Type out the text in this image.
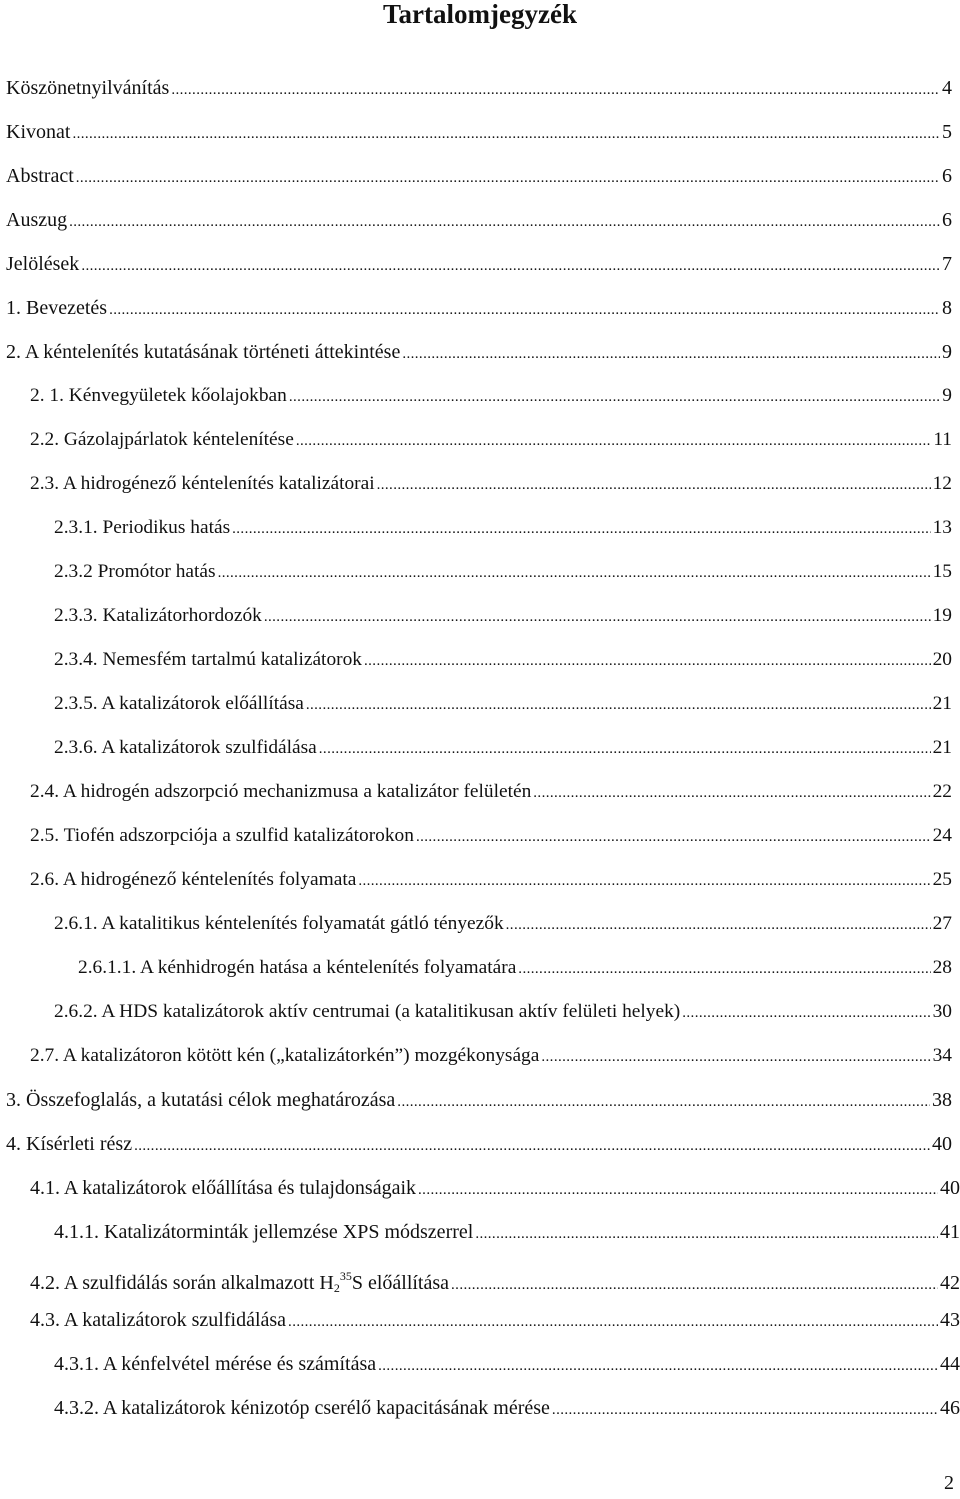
Tartalomjegyzék
Köszönetnyilvánítás .....	4
Kivonat .....	5
Abstract .....	6
Auszug .....	6
Jelölések .....	7
1. Bevezetés .....	8
2. A kéntelenítés kutatásának történeti áttekintése .....	9
2. 1. Kénvegyületek kőolajokban .....	9
2.2. Gázolajpárlatok kéntelenítése .....	11
2.3. A hidrogénező kéntelenítés katalizátorai .....	12
2.3.1. Periodikus hatás .....	13
2.3.2 Promótor hatás .....	15
2.3.3. Katalizátorhordozók .....	19
2.3.4. Nemesfém tartalmú katalizátorok .....	20
2.3.5. A katalizátorok előállítása .....	21
2.3.6. A katalizátorok szulfidálása .....	21
2.4. A hidrogén adszorpció mechanizmusa a katalizátor felületén .....	22
2.5. Tiofén adszorpciója a szulfid katalizátorokon .....	24
2.6. A hidrogénező kéntelenítés folyamata .....	25
2.6.1. A katalitikus kéntelenítés folyamatát gátló tényezők .....	27
2.6.1.1. A kénhidrogén hatása a kéntelenítés folyamatára .....	28
2.6.2. A HDS katalizátorok aktív centrumai (a katalitikusan aktív felületi helyek) .....	30
2.7. A katalizátoron kötött kén („katalizátorkén”) mozgékonysága .....	34
3. Összefoglalás, a kutatási célok meghatározása .....	38
4. Kísérleti rész .....	40
4.1. A katalizátorok előállítása és tulajdonságaik .....	40
4.1.1. Katalizátorminták jellemzése XPS módszerrel .....	41
4.2. A szulfidálás során alkalmazott $H_2^{35}S$ előállítása .....	42
4.3. A katalizátorok szulfidálása .....	43
4.3.1. A kénfelvétel mérése és számítása .....	44
4.3.2. A katalizátorok kénizotóp cserélő kapacitásának mérése .....	46
2
